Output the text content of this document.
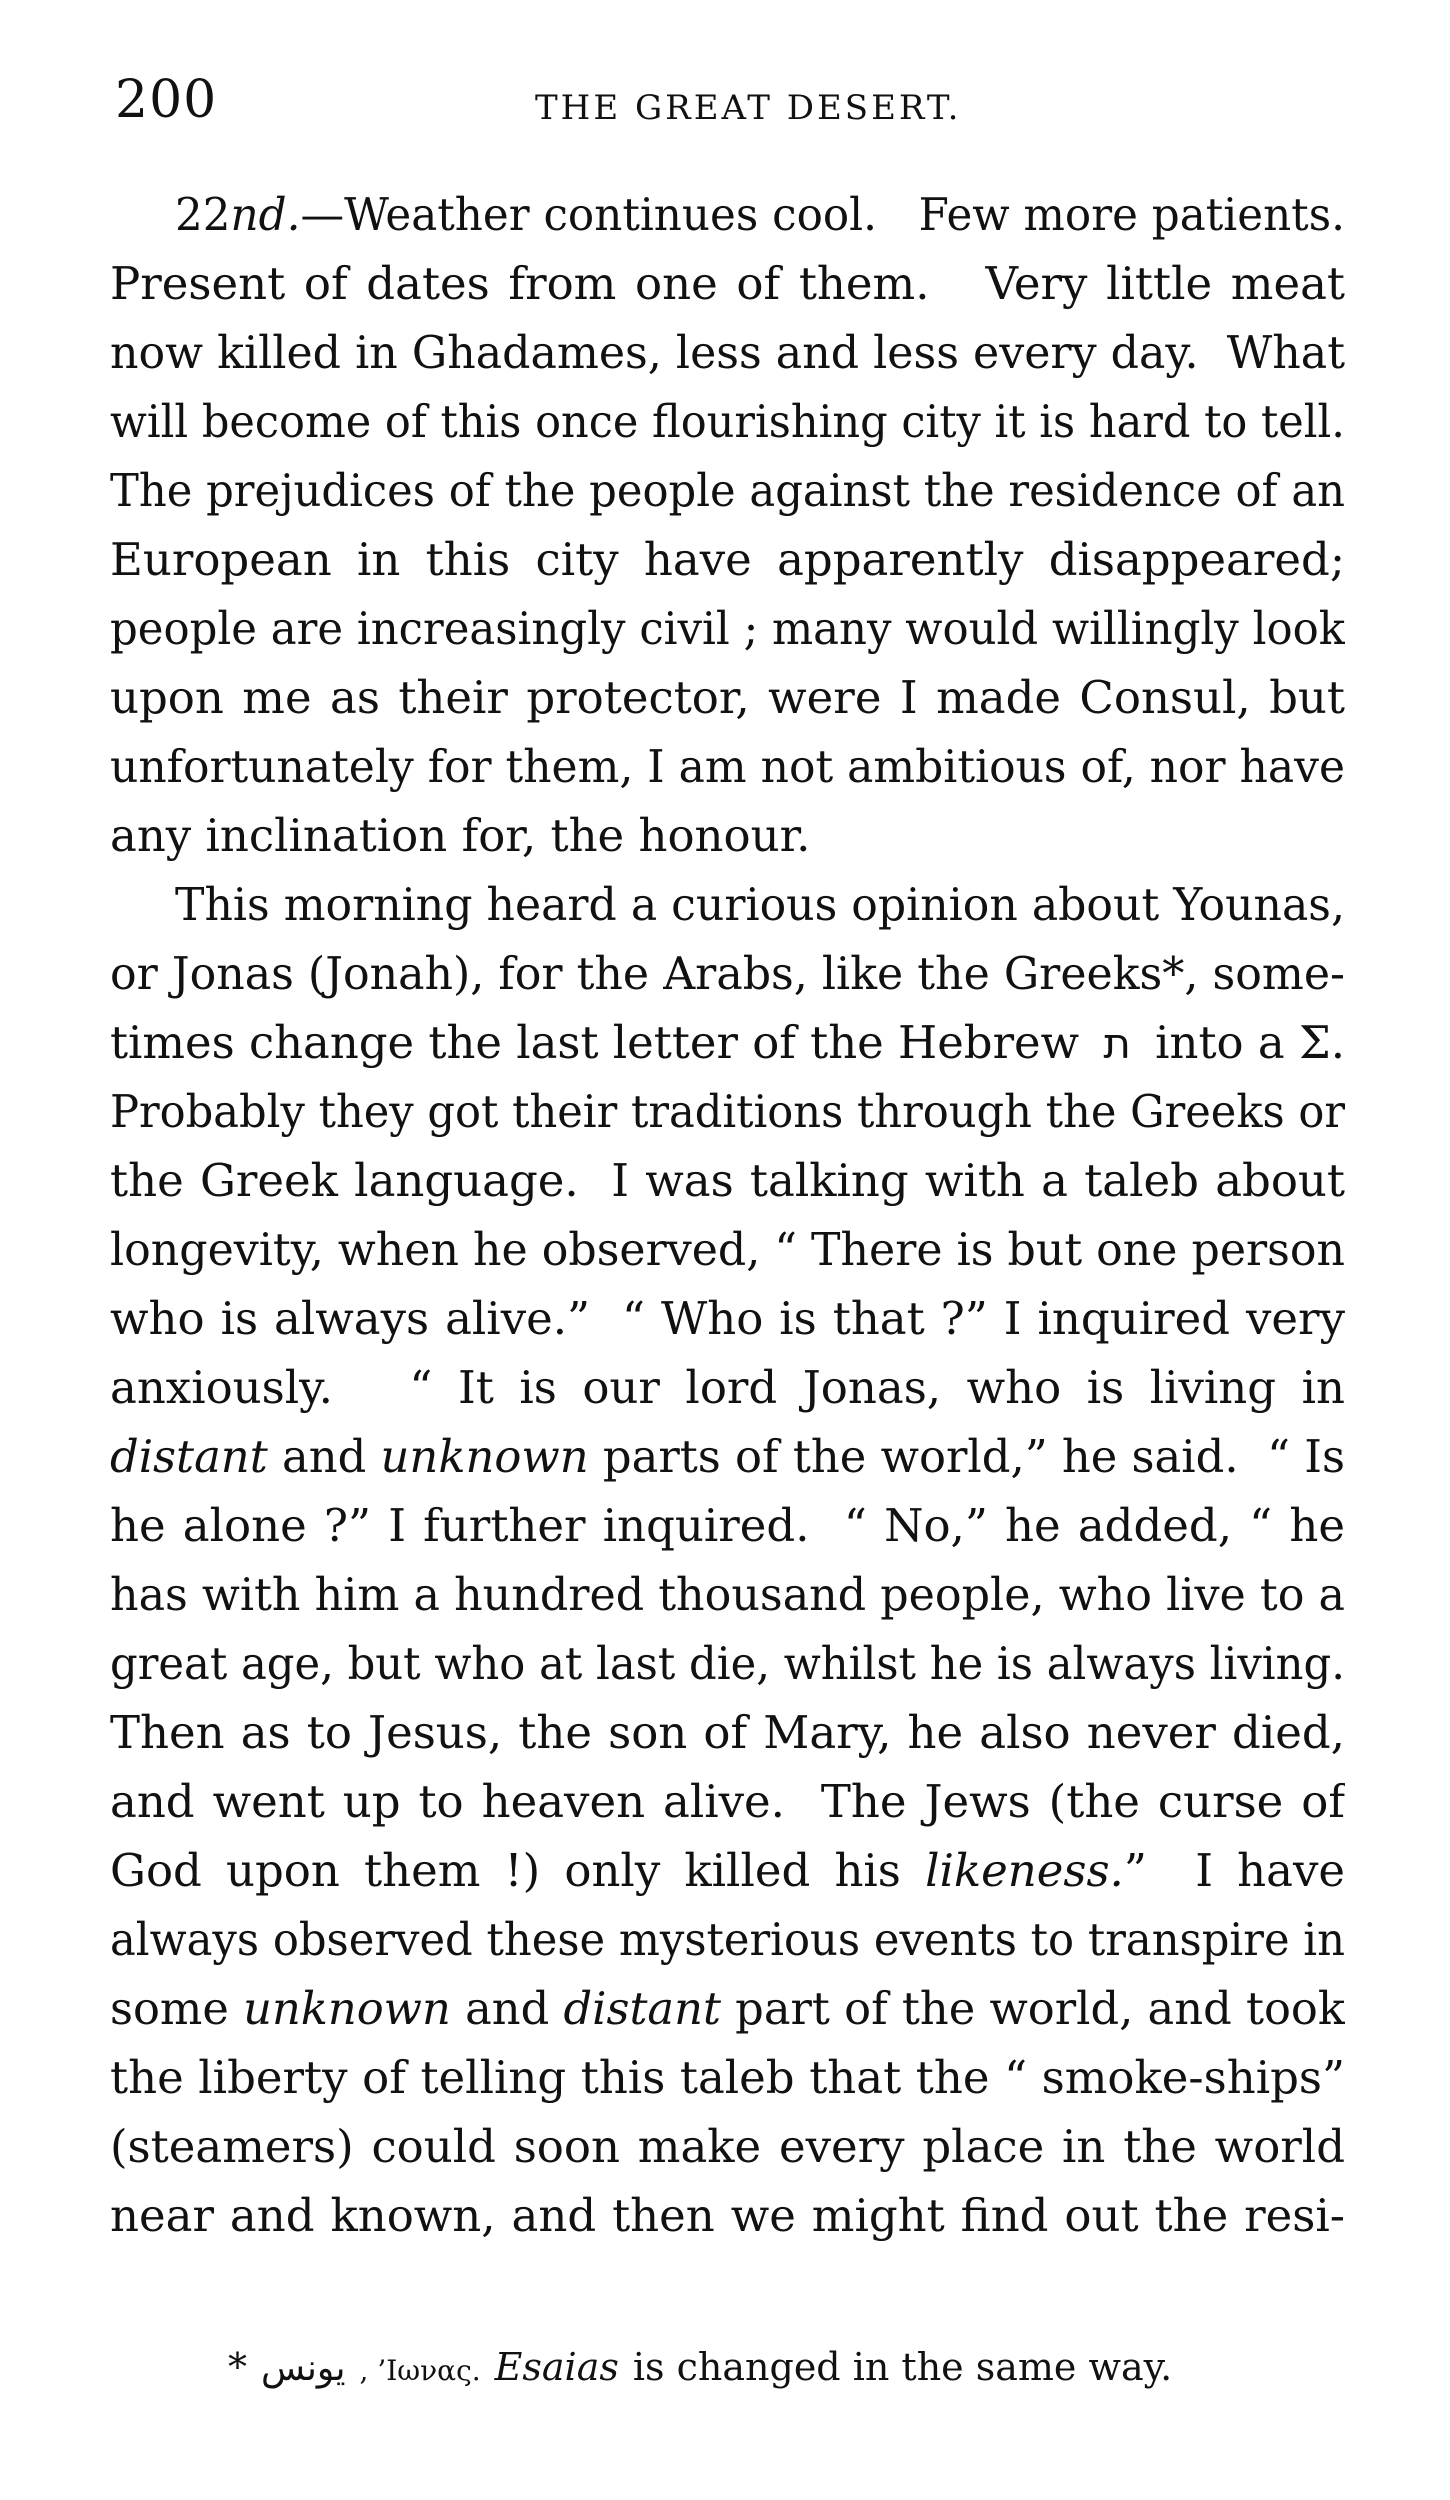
200	THE GREAT DESERT.
22nd.—Weather continues cool.   Few more patients.
Present of dates from one of them.   Very little meat
now killed in Ghadames, less and less every day.  What
will become of this once flourishing city it is hard to tell.
The prejudices of the people against the residence of an
European in this city have apparently disappeared;
people are increasingly civil ; many would willingly look
upon me as their protector, were I made Consul, but
unfortunately for them, I am not ambitious of, nor have
any inclination for, the honour.
This morning heard a curious opinion about Younas,
or Jonas (Jonah), for the Arabs, like the Greeks*, some-
times change the last letter of the Hebrew ת into a Σ.
Probably they got their traditions through the Greeks or
the Greek language.  I was talking with a taleb about
longevity, when he observed, “ There is but one person
who is always alive.”  “ Who is that ?” I inquired very
anxiously.   “ It is our lord Jonas, who is living in
distant and unknown parts of the world,” he said.  “ Is
he alone ?” I further inquired.  “ No,” he added, “ he
has with him a hundred thousand people, who live to a
great age, but who at last die, whilst he is always living.
Then as to Jesus, the son of Mary, he also never died,
and went up to heaven alive.  The Jews (the curse of
God upon them !) only killed his likeness.”  I have
always observed these mysterious events to transpire in
some unknown and distant part of the world, and took
the liberty of telling this taleb that the “ smoke-ships”
(steamers) could soon make every place in the world
near and known, and then we might find out the resi-
* يونس , ’Ιωνας. Esaias is changed in the same way.
